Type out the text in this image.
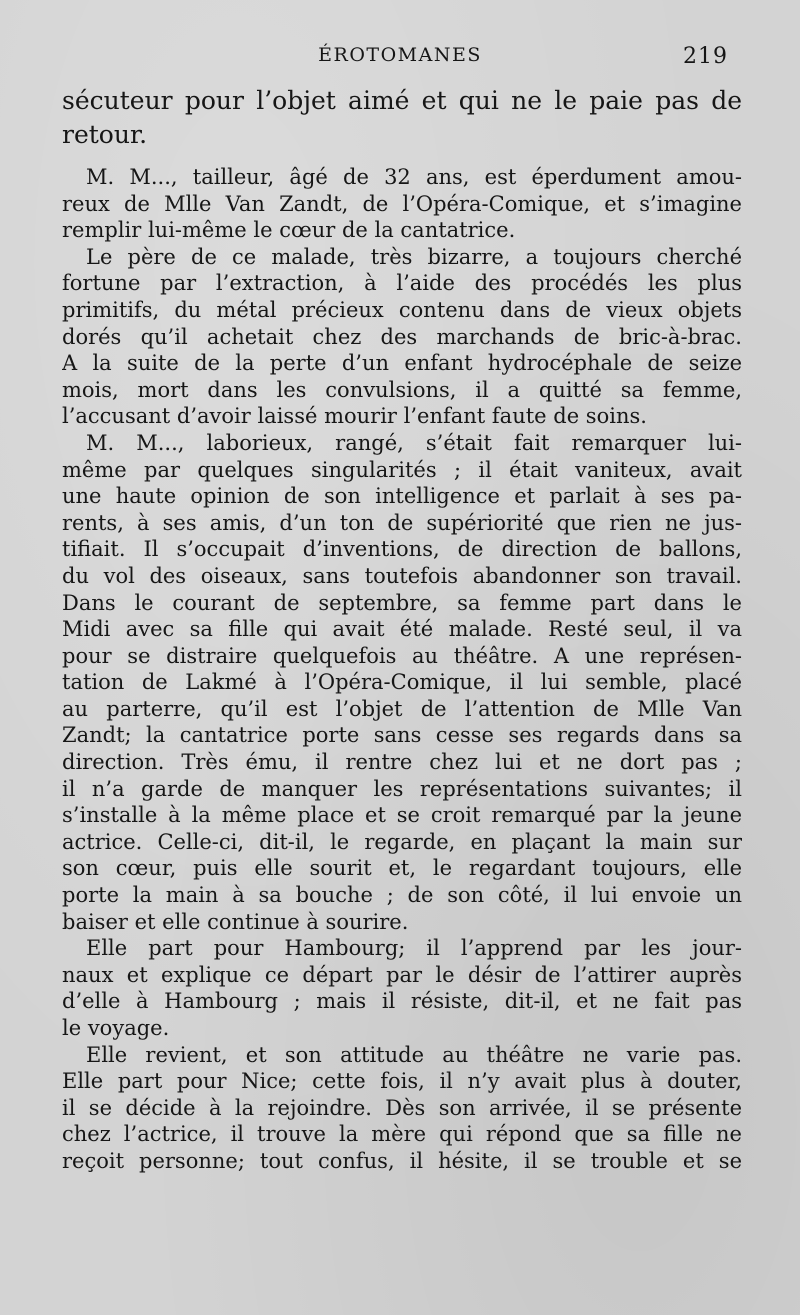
ÉROTOMANES	219
sécuteur pour l’objet aimé et qui ne le paie pas de
retour.
M. M..., tailleur, âgé de 32 ans, est éperdument amou-
reux de Mlle Van Zandt, de l’Opéra-Comique, et s’imagine
remplir lui-même le cœur de la cantatrice.
Le père de ce malade, très bizarre, a toujours cherché
fortune par l’extraction, à l’aide des procédés les plus
primitifs, du métal précieux contenu dans de vieux objets
dorés qu’il achetait chez des marchands de bric-à-brac.
A la suite de la perte d’un enfant hydrocéphale de seize
mois, mort dans les convulsions, il a quitté sa femme,
l’accusant d’avoir laissé mourir l’enfant faute de soins.
M. M..., laborieux, rangé, s’était fait remarquer lui-
même par quelques singularités ; il était vaniteux, avait
une haute opinion de son intelligence et parlait à ses pa-
rents, à ses amis, d’un ton de supériorité que rien ne jus-
tifiait. Il s’occupait d’inventions, de direction de ballons,
du vol des oiseaux, sans toutefois abandonner son travail.
Dans le courant de septembre, sa femme part dans le
Midi avec sa fille qui avait été malade. Resté seul, il va
pour se distraire quelquefois au théâtre. A une représen-
tation de Lakmé à l’Opéra-Comique, il lui semble, placé
au parterre, qu’il est l’objet de l’attention de Mlle Van
Zandt; la cantatrice porte sans cesse ses regards dans sa
direction. Très ému, il rentre chez lui et ne dort pas ;
il n’a garde de manquer les représentations suivantes; il
s’installe à la même place et se croit remarqué par la jeune
actrice. Celle-ci, dit-il, le regarde, en plaçant la main sur
son cœur, puis elle sourit et, le regardant toujours, elle
porte la main à sa bouche ; de son côté, il lui envoie un
baiser et elle continue à sourire.
Elle part pour Hambourg; il l’apprend par les jour-
naux et explique ce départ par le désir de l’attirer auprès
d’elle à Hambourg ; mais il résiste, dit-il, et ne fait pas
le voyage.
Elle revient, et son attitude au théâtre ne varie pas.
Elle part pour Nice; cette fois, il n’y avait plus à douter,
il se décide à la rejoindre. Dès son arrivée, il se présente
chez l’actrice, il trouve la mère qui répond que sa fille ne
reçoit personne; tout confus, il hésite, il se trouble et se
